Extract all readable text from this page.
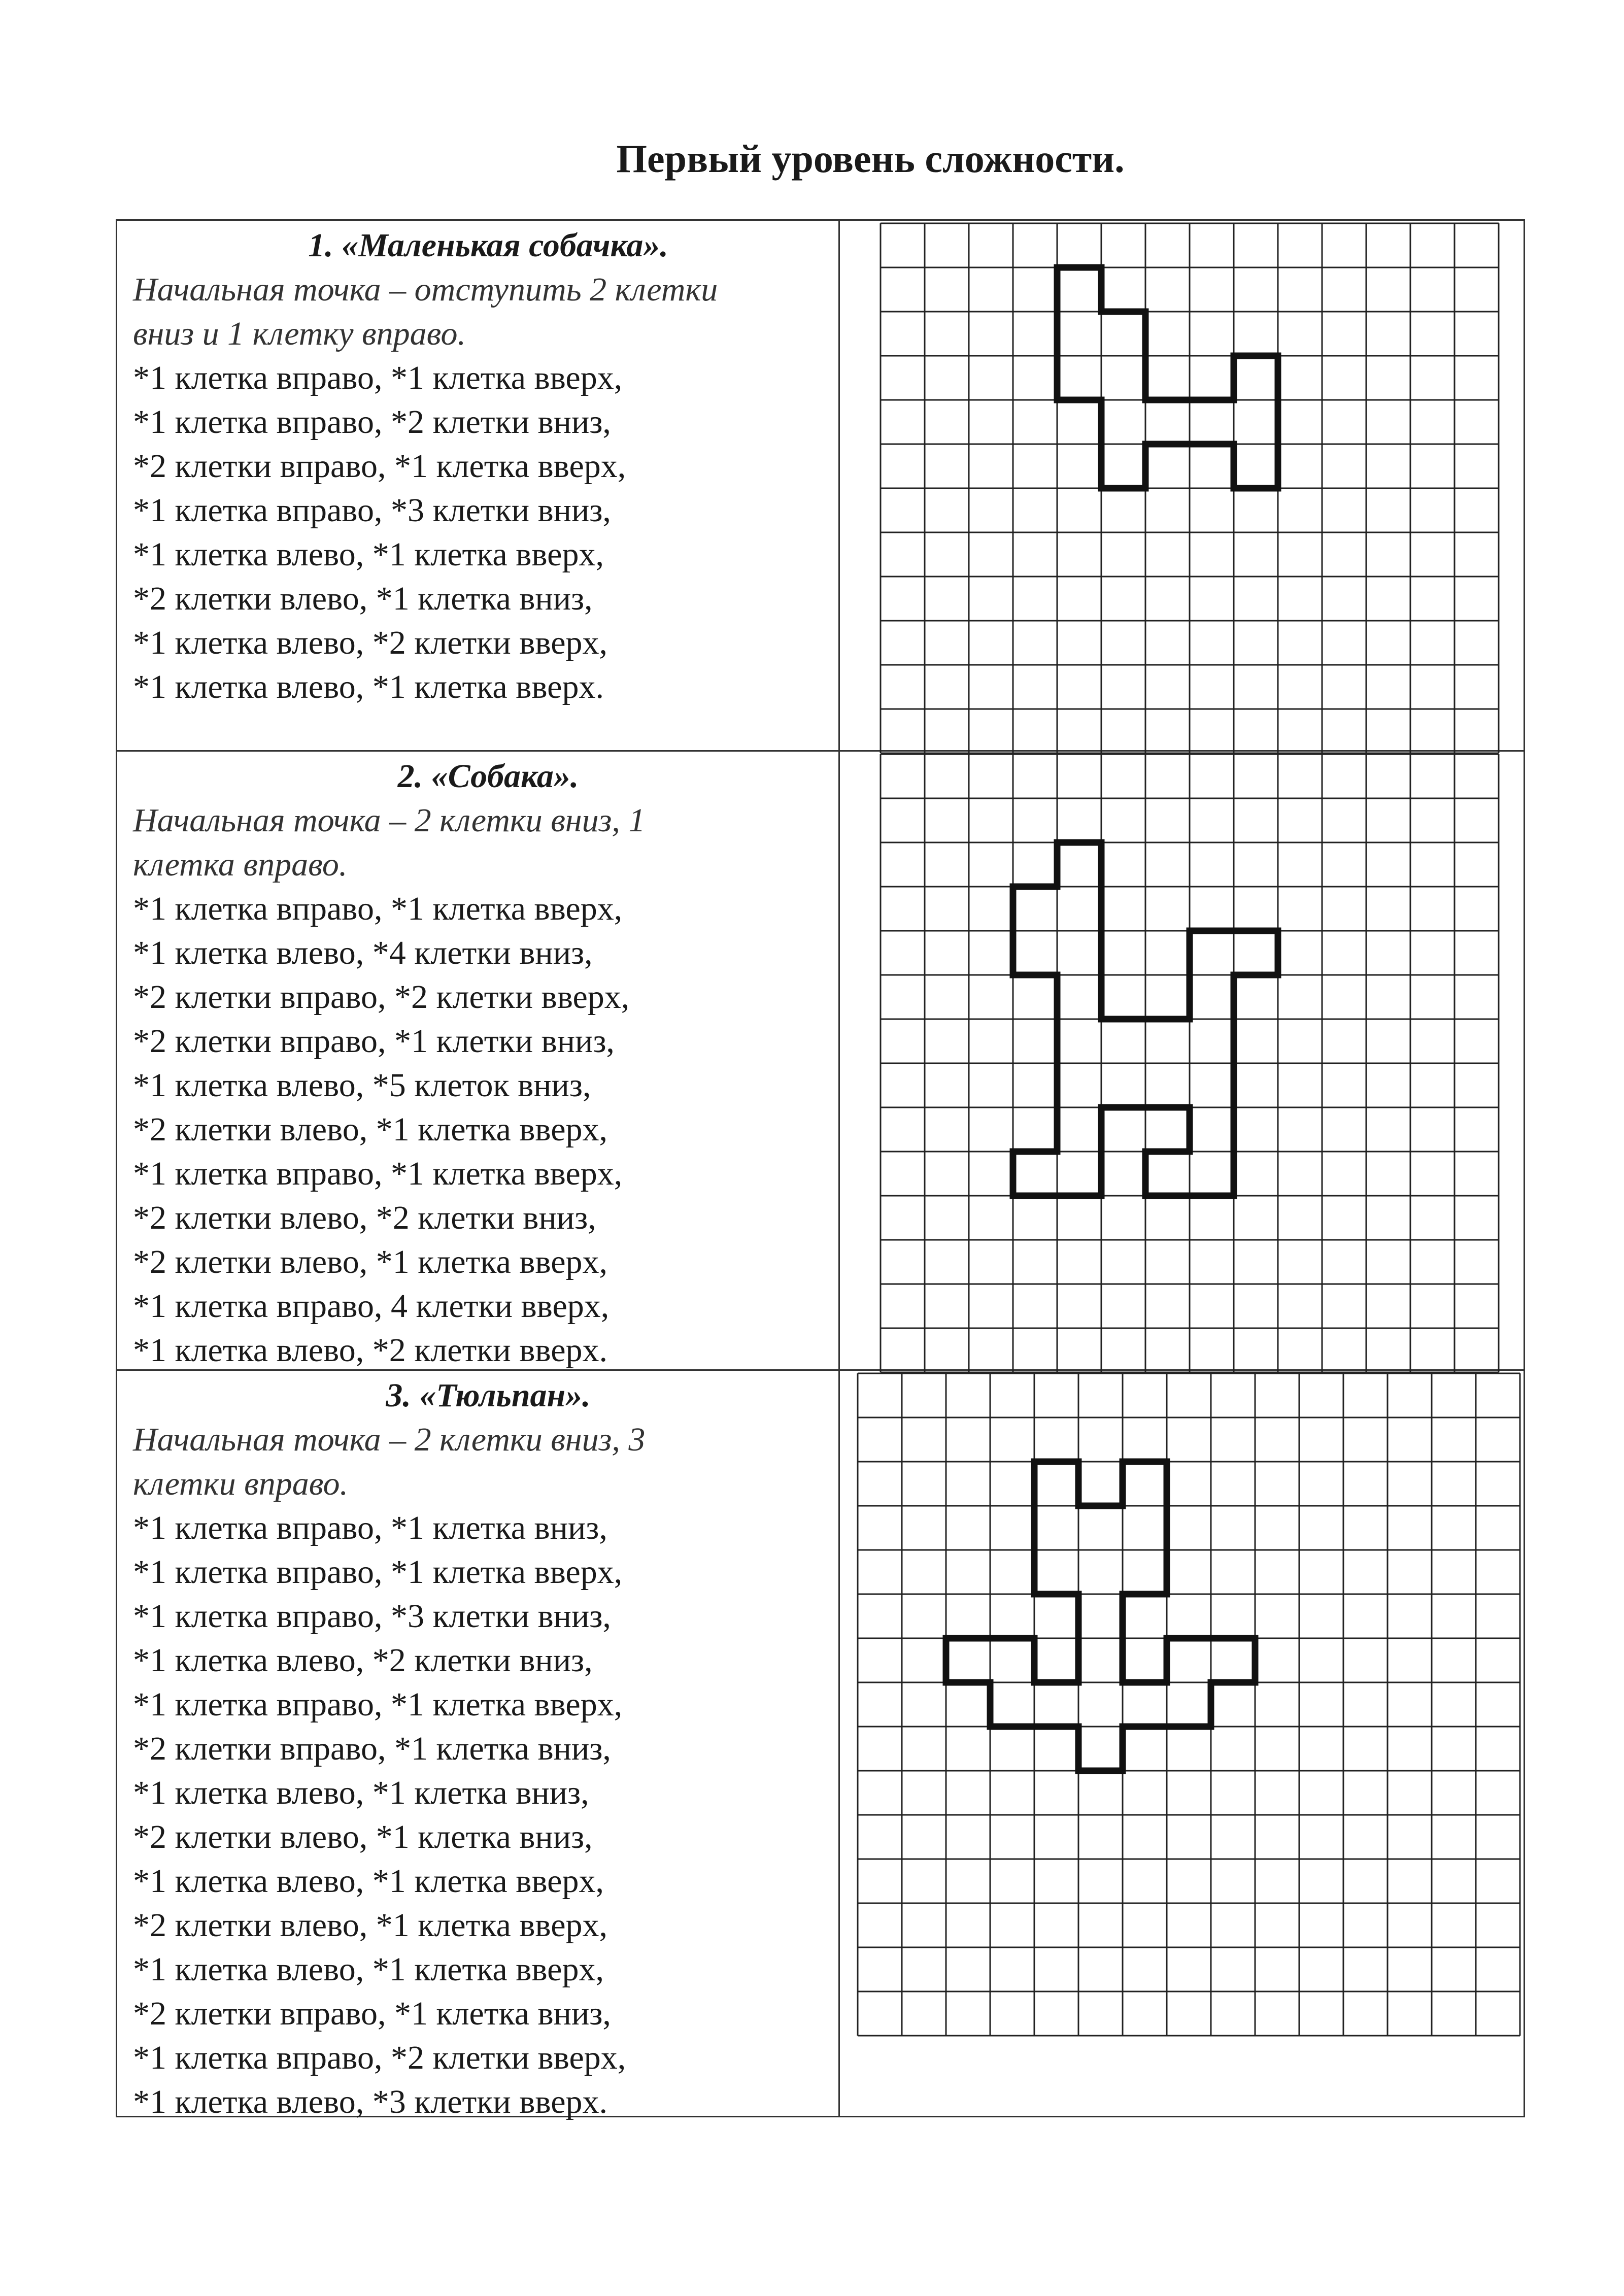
Первый уровень сложности.
1. «Маленькая собачка».
Начальная точка – отступить 2 клетки
вниз и 1 клетку вправо.
*1 клетка вправо, *1 клетка вверх,
*1 клетка вправо, *2 клетки вниз,
*2 клетки вправо, *1 клетка вверх,
*1 клетка вправо, *3 клетки вниз,
*1 клетка влево, *1 клетка вверх,
*2 клетки влево, *1 клетка вниз,
*1 клетка влево, *2 клетки вверх,
*1 клетка влево, *1 клетка вверх.
2. «Собака».
Начальная точка – 2 клетки вниз, 1
клетка вправо.
*1 клетка вправо, *1 клетка вверх,
*1 клетка влево, *4 клетки вниз,
*2 клетки вправо, *2 клетки вверх,
*2 клетки вправо, *1 клетки вниз,
*1 клетка влево, *5 клеток вниз,
*2 клетки влево, *1 клетка вверх,
*1 клетка вправо, *1 клетка вверх,
*2 клетки влево, *2 клетки вниз,
*2 клетки влево, *1 клетка вверх,
*1 клетка вправо, 4 клетки вверх,
*1 клетка влево, *2 клетки вверх.
3. «Тюльпан».
Начальная точка – 2 клетки вниз, 3
клетки вправо.
*1 клетка вправо, *1 клетка вниз,
*1 клетка вправо, *1 клетка вверх,
*1 клетка вправо, *3 клетки вниз,
*1 клетка влево, *2 клетки вниз,
*1 клетка вправо, *1 клетка вверх,
*2 клетки вправо, *1 клетка вниз,
*1 клетка влево, *1 клетка вниз,
*2 клетки влево, *1 клетка вниз,
*1 клетка влево, *1 клетка вверх,
*2 клетки влево, *1 клетка вверх,
*1 клетка влево, *1 клетка вверх,
*2 клетки вправо, *1 клетка вниз,
*1 клетка вправо, *2 клетки вверх,
*1 клетка влево, *3 клетки вверх.
